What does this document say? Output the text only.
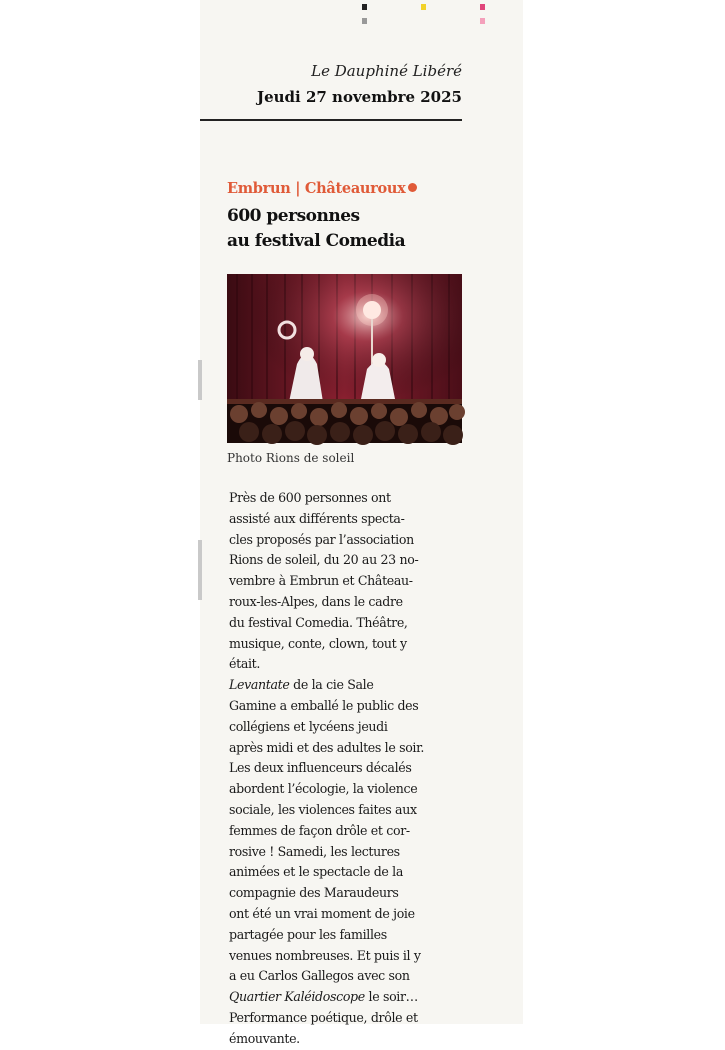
Le Dauphiné Libéré
Jeudi 27 novembre 2025
Embrun | Châteauroux
600 personnes
au festival Comedia
Photo Rions de soleil
Près de 600 personnes ont
assisté aux différents specta-
cles proposés par l’association
Rions de soleil, du 20 au 23 no-
vembre à Embrun et Château-
roux-les-Alpes, dans le cadre
du festival Comedia. Théâtre,
musique, conte, clown, tout y
était.
Levantate de la cie Sale
Gamine a emballé le public des
collégiens et lycéens jeudi
après midi et des adultes le soir.
Les deux influenceurs décalés
abordent l’écologie, la violence
sociale, les violences faites aux
femmes de façon drôle et cor-
rosive ! Samedi, les lectures
animées et le spectacle de la
compagnie des Maraudeurs
ont été un vrai moment de joie
partagée pour les familles
venues nombreuses. Et puis il y
a eu Carlos Gallegos avec son
Quartier Kaléidoscope le soir…
Performance poétique, drôle et
émouvante.
